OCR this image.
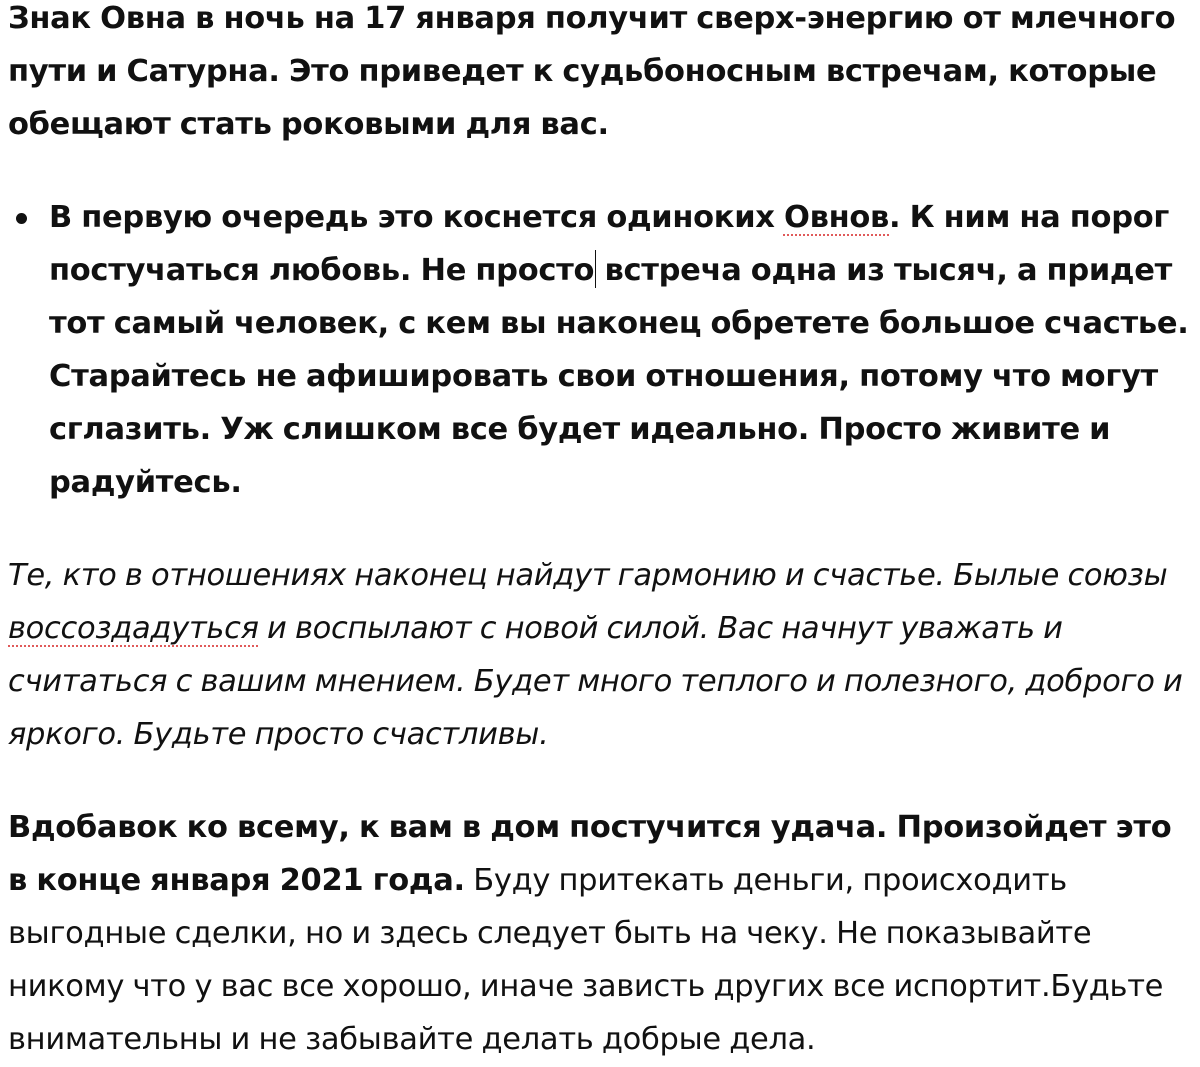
Знак Овна в ночь на 17 января получит сверх-энергию от млечного пути и Сатурна. Это приведет к судьбоносным встречам, которые обещают стать роковыми для вас.

В первую очередь это коснется одиноких Овнов. К ним на порог постучаться любовь. Не просто встреча одна из тысяч, а придет тот самый человек, с кем вы наконец обретете большое счастье. Старайтесь не афишировать свои отношения, потому что могут сглазить. Уж слишком все будет идеально. Просто живите и радуйтесь.

Те, кто в отношениях наконец найдут гармонию и счастье. Былые союзы воссоздадуться и воспылают с новой силой. Вас начнут уважать и считаться с вашим мнением. Будет много теплого и полезного, доброго и яркого. Будьте просто счастливы.

Вдобавок ко всему, к вам в дом постучится удача. Произойдет это в конце января 2021 года. Буду притекать деньги, происходить выгодные сделки, но и здесь следует быть на чеку. Не показывайте никому что у вас все хорошо, иначе зависть других все испортит.Будьте внимательны и не забывайте делать добрые дела.
